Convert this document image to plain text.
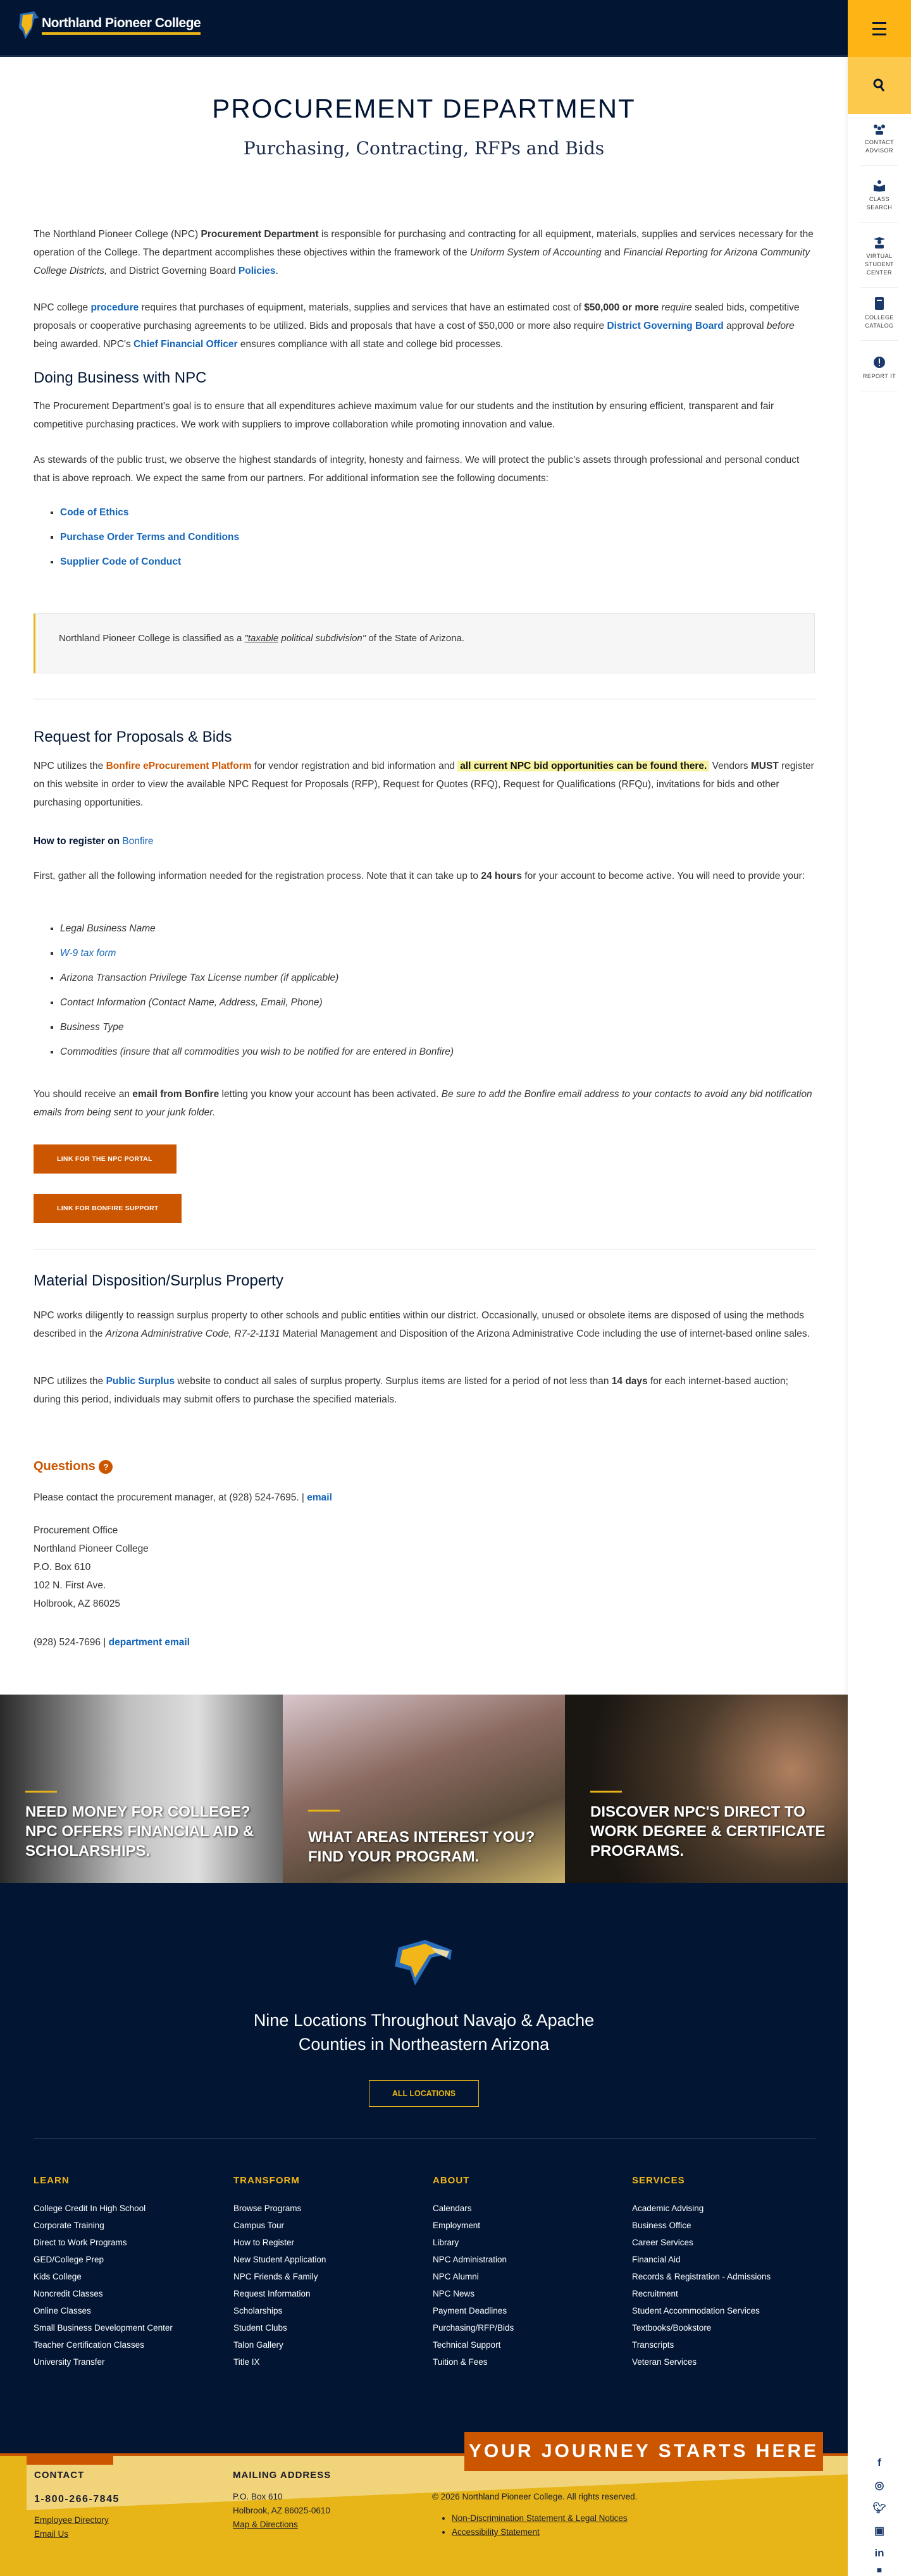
Northland Pioneer College
CONTACT ADVISOR
CLASS SEARCH
VIRTUAL STUDENT CENTER
COLLEGE CATALOG
REPORT IT
f
◎
🐦︎
▣
in
■
PROCUREMENT DEPARTMENT
Purchasing, Contracting, RFPs and Bids

The Northland Pioneer College (NPC) Procurement Department is responsible for purchasing and contracting for all equipment, materials, supplies and services necessary for the operation of the College. The department accomplishes these objectives within the framework of the Uniform System of Accounting and Financial Reporting for Arizona Community College Districts, and District Governing Board Policies.

NPC college procedure requires that purchases of equipment, materials, supplies and services that have an estimated cost of $50,000 or more require sealed bids, competitive proposals or cooperative purchasing agreements to be utilized. Bids and proposals that have a cost of $50,000 or more also require District Governing Board approval before being awarded. NPC's Chief Financial Officer ensures compliance with all state and college bid processes.

Doing Business with NPC
The Procurement Department's goal is to ensure that all expenditures achieve maximum value for our students and the institution by ensuring efficient, transparent and fair competitive purchasing practices. We work with suppliers to improve collaboration while promoting innovation and value.
As stewards of the public trust, we observe the highest standards of integrity, honesty and fairness. We will protect the public's assets through professional and personal conduct that is above reproach. We expect the same from our partners. For additional information see the following documents:
▪ Code of Ethics
▪ Purchase Order Terms and Conditions
▪ Supplier Code of Conduct
Northland Pioneer College is classified as a "taxable political subdivision" of the State of Arizona.
Request for Proposals & Bids

NPC utilizes the Bonfire eProcurement Platform for vendor registration and bid information and all current NPC bid opportunities can be found there. Vendors MUST register on this website in order to view the available NPC Request for Proposals (RFP), Request for Quotes (RFQ), Request for Qualifications (RFQu), invitations for bids and other purchasing opportunities.

How to register on Bonfire
First, gather all the following information needed for the registration process. Note that it can take up to 24 hours for your account to become active. You will need to provide your:
▪ Legal Business Name
▪ W-9 tax form
▪ Arizona Transaction Privilege Tax License number (if applicable)
▪ Contact Information (Contact Name, Address, Email, Phone)
▪ Business Type
▪ Commodities (insure that all commodities you wish to be notified for are entered in Bonfire)
You should receive an email from Bonfire letting you know your account has been activated. Be sure to add the Bonfire email address to your contacts to avoid any bid notification emails from being sent to your junk folder.
LINK FOR THE NPC PORTAL
LINK FOR BONFIRE SUPPORT
Material Disposition/Surplus Property
NPC works diligently to reassign surplus property to other schools and public entities within our district. Occasionally, unused or obsolete items are disposed of using the methods described in the Arizona Administrative Code, R7-2-1131 Material Management and Disposition of the Arizona Administrative Code including the use of internet-based online sales.
NPC utilizes the Public Surplus website to conduct all sales of surplus property. Surplus items are listed for a period of not less than 14 days for each internet-based auction; during this period, individuals may submit offers to purchase the specified materials.
Questions ?
Please contact the procurement manager, at (928) 524-7695. | email
Procurement Office
Northland Pioneer College
P.O. Box 610
102 N. First Ave.
Holbrook, AZ 86025
(928) 524-7696 | department email
NEED MONEY FOR COLLEGE? NPC OFFERS FINANCIAL AID & SCHOLARSHIPS.
WHAT AREAS INTEREST YOU? FIND YOUR PROGRAM.
DISCOVER NPC'S DIRECT TO WORK DEGREE & CERTIFICATE PROGRAMS.
Nine Locations Throughout Navajo & Apache
Counties in Northeastern Arizona
ALL LOCATIONS
LEARN
College Credit In High School
Corporate Training
Direct to Work Programs
GED/College Prep
Kids College
Noncredit Classes
Online Classes
Small Business Development Center
Teacher Certification Classes
University Transfer
TRANSFORM
Browse Programs
Campus Tour
How to Register
New Student Application
NPC Friends & Family
Request Information
Scholarships
Student Clubs
Talon Gallery
Title IX
ABOUT
Calendars
Employment
Library
NPC Administration
NPC Alumni
NPC News
Payment Deadlines
Purchasing/RFP/Bids
Technical Support
Tuition & Fees
SERVICES
Academic Advising
Business Office
Career Services
Financial Aid
Records & Registration - Admissions
Recruitment
Student Accommodation Services
Textbooks/Bookstore
Transcripts
Veteran Services
YOUR JOURNEY STARTS HERE
CONTACT
1-800-266-7845
Employee Directory
Email Us
MAILING ADDRESS
P.O. Box 610
Holbrook, AZ 86025-0610
Map & Directions
© 2026 Northland Pioneer College. All rights reserved.
• Non-Discrimination Statement & Legal Notices
• Accessibility Statement
